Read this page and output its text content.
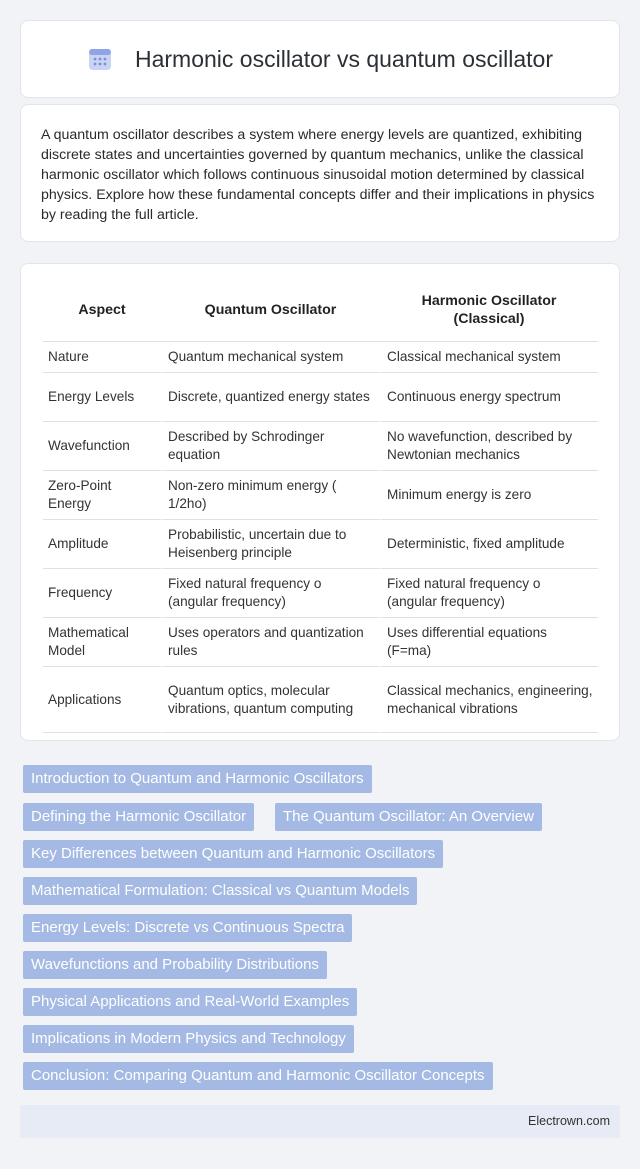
Harmonic oscillator vs quantum oscillator

A quantum oscillator describes a system where energy levels are quantized, exhibiting discrete states and uncertainties governed by quantum mechanics, unlike the classical harmonic oscillator which follows continuous sinusoidal motion determined by classical physics. Explore how these fundamental concepts differ and their implications in physics by reading the full article.

Aspect	Quantum Oscillator	Harmonic Oscillator (Classical)
Nature	Quantum mechanical system	Classical mechanical system
Energy Levels	Discrete, quantized energy states	Continuous energy spectrum
Wavefunction	Described by Schrodinger equation	No wavefunction, described by Newtonian mechanics
Zero-Point Energy	Non-zero minimum energy ( 1/2ho)	Minimum energy is zero
Amplitude	Probabilistic, uncertain due to Heisenberg principle	Deterministic, fixed amplitude
Frequency	Fixed natural frequency o (angular frequency)	Fixed natural frequency o (angular frequency)
Mathematical Model	Uses operators and quantization rules	Uses differential equations (F=ma)
Applications	Quantum optics, molecular vibrations, quantum computing	Classical mechanics, engineering, mechanical vibrations
Introduction to Quantum and Harmonic Oscillators
Defining the Harmonic Oscillator	The Quantum Oscillator: An Overview
Key Differences between Quantum and Harmonic Oscillators
Mathematical Formulation: Classical vs Quantum Models
Energy Levels: Discrete vs Continuous Spectra
Wavefunctions and Probability Distributions
Physical Applications and Real-World Examples
Implications in Modern Physics and Technology
Conclusion: Comparing Quantum and Harmonic Oscillator Concepts
Electrown.com
